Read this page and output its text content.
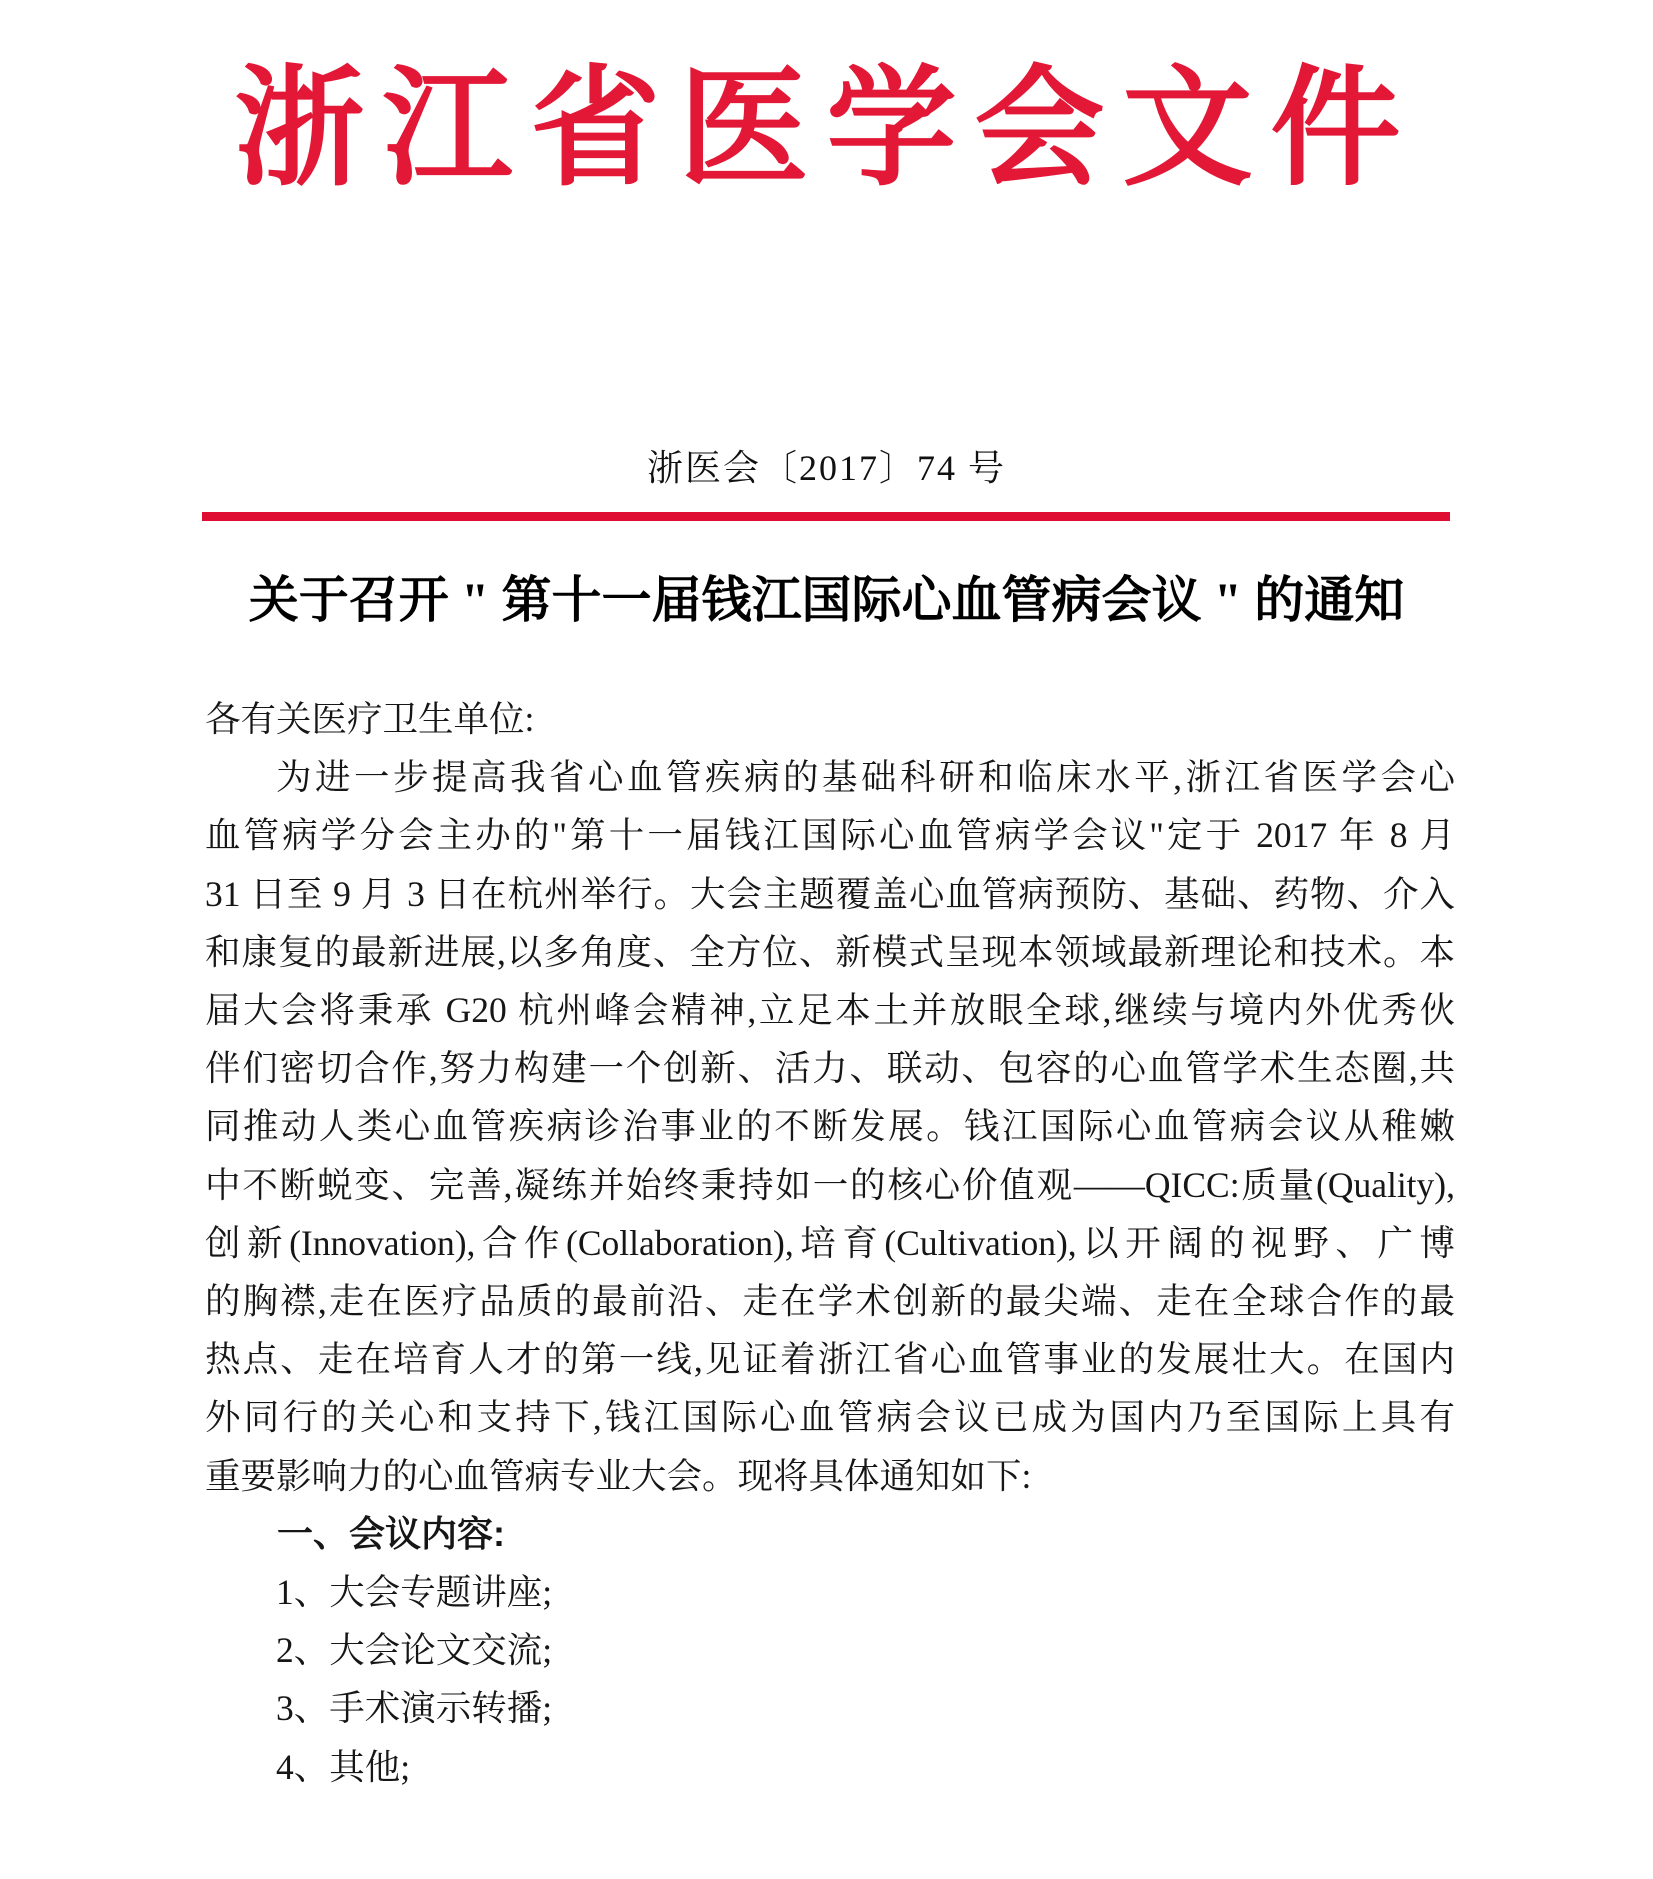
浙江省医学会文件
浙医会〔2017〕74 号
关于召开 " 第十一届钱江国际心血管病会议 " 的通知
各有关医疗卫生单位:
为进一步提高我省心血管疾病的基础科研和临床水平,浙江省医学会心
血管病学分会主办的"第十一届钱江国际心血管病学会议"定于 2017 年 8 月
31 日至 9 月 3 日在杭州举行。大会主题覆盖心血管病预防、基础、药物、介入
和康复的最新进展,以多角度、全方位、新模式呈现本领域最新理论和技术。本
届大会将秉承 G20 杭州峰会精神,立足本土并放眼全球,继续与境内外优秀伙
伴们密切合作,努力构建一个创新、活力、联动、包容的心血管学术生态圈,共
同推动人类心血管疾病诊治事业的不断发展。钱江国际心血管病会议从稚嫩
中不断蜕变、完善,凝练并始终秉持如一的核心价值观——QICC:质量(Quality),
创新(Innovation),合作(Collaboration),培育(Cultivation),以开阔的视野、广博
的胸襟,走在医疗品质的最前沿、走在学术创新的最尖端、走在全球合作的最
热点、走在培育人才的第一线,见证着浙江省心血管事业的发展壮大。在国内
外同行的关心和支持下,钱江国际心血管病会议已成为国内乃至国际上具有
重要影响力的心血管病专业大会。现将具体通知如下:
一、会议内容:
1、大会专题讲座;
2、大会论文交流;
3、手术演示转播;
4、其他;
